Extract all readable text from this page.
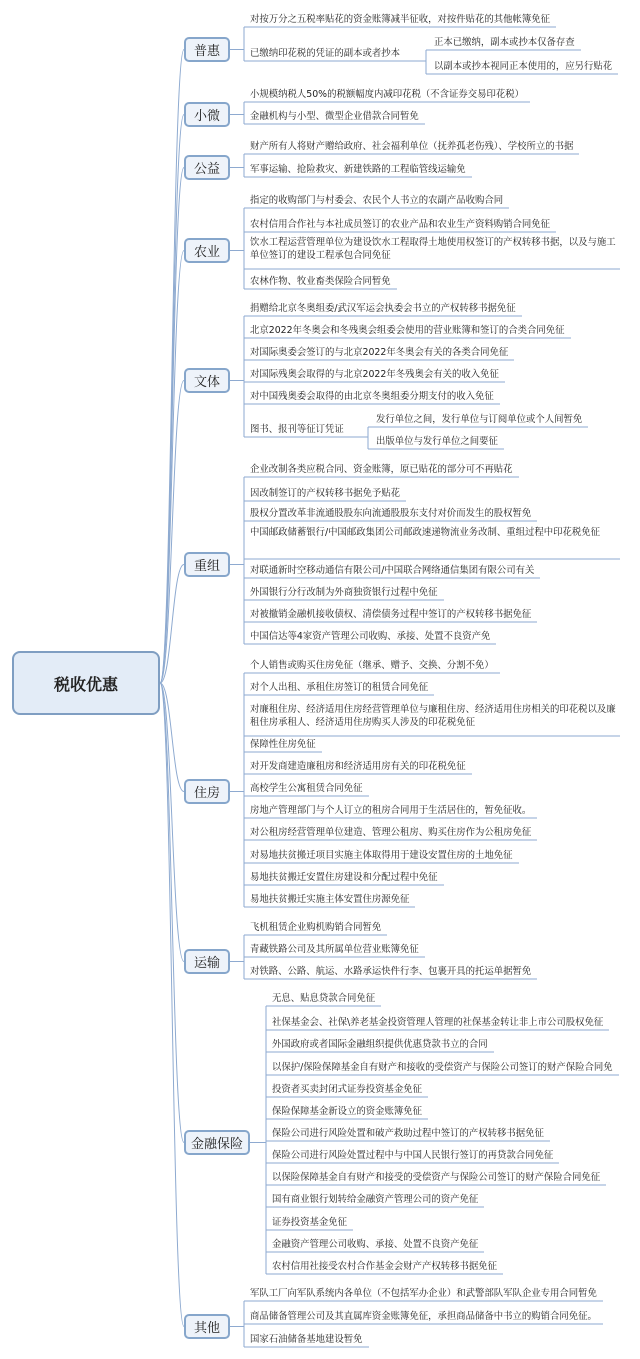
税收优惠
普惠
对按万分之五税率贴花的资金账簿减半征收，对按件贴花的其他帐簿免征
已缴纳印花税的凭证的副本或者抄本
正本已缴纳，副本或抄本仅备存查
以副本或抄本视同正本使用的，应另行贴花
小微
小规模纳税人50%的税额幅度内减印花税（不含证券交易印花税）
金融机构与小型、微型企业借款合同暂免
公益
财产所有人将财产赠给政府、社会福利单位（抚养孤老伤残）、学校所立的书据
军事运输、抢险救灾、新建铁路的工程临管线运输免
农业
指定的收购部门与村委会、农民个人书立的农副产品收购合同
农村信用合作社与本社成员签订的农业产品和农业生产资料购销合同免征
饮水工程运营管理单位为建设饮水工程取得土地使用权签订的产权转移书据，以及与施工单位签订的建设工程承包合同免征
农林作物、牧业畜类保险合同暂免
文体
捐赠给北京冬奥组委/武汉军运会执委会书立的产权转移书据免征
北京2022年冬奥会和冬残奥会组委会使用的营业账簿和签订的合类合同免征
对国际奥委会签订的与北京2022年冬奥会有关的各类合同免征
对国际残奥会取得的与北京2022年冬残奥会有关的收入免征
对中国残奥委会取得的由北京冬奥组委分期支付的收入免征
图书、报刊等征订凭证
发行单位之间，发行单位与订阅单位或个人间暂免
出版单位与发行单位之间要征
重组
企业改制各类应税合同、资金账簿，原已贴花的部分可不再贴花
因改制签订的产权转移书据免予贴花
股权分置改革非流通股股东向流通股股东支付对价而发生的股权暂免
中国邮政储蓄银行/中国邮政集团公司邮政速递物流业务改制、重组过程中印花税免征
对联通新时空移动通信有限公司/中国联合网络通信集团有限公司有关
外国银行分行改制为外商独资银行过程中免征
对被撤销金融机接收债权、清偿债务过程中签订的产权转移书据免征
中国信达等4家资产管理公司收购、承接、处置不良资产免
住房
个人销售或购买住房免征（继承、赠予、交换、分割不免）
对个人出租、承租住房签订的租赁合同免征
对廉租住房、经济适用住房经营管理单位与廉租住房、经济适用住房相关的印花税以及廉租住房承租人、经济适用住房购买人涉及的印花税免征
保障性住房免征
对开发商建造廉租房和经济适用房有关的印花税免征
高校学生公寓租赁合同免征
房地产管理部门与个人订立的租房合同用于生活居住的，暂免征收。
对公租房经营管理单位建造、管理公租房、购买住房作为公租房免征
对易地扶贫搬迁项目实施主体取得用于建设安置住房的土地免征
易地扶贫搬迁安置住房建设和分配过程中免征
易地扶贫搬迁实施主体安置住房源免征
运输
飞机租赁企业购机购销合同暂免
青藏铁路公司及其所属单位营业账簿免征
对铁路、公路、航运、水路承运快件行李、包裹开具的托运单据暂免
金融保险
无息、贴息贷款合同免征
社保基金会、社保\养老基金投资管理人管理的社保基金转让非上市公司股权免征
外国政府或者国际金融组织提供优惠贷款书立的合同
以保护/保险保障基金自有财产和接收的受偿资产与保险公司签订的财产保险合同免
投资者买卖封闭式证券投资基金免征
保险保障基金新设立的资金账簿免征
保险公司进行风险处置和破产救助过程中签订的产权转移书据免征
保险公司进行风险处置过程中与中国人民银行签订的再贷款合同免征
以保险保障基金自有财产和接受的受偿资产与保险公司签订的财产保险合同免征
国有商业银行划转给金融资产管理公司的资产免征
证券投资基金免征
金融资产管理公司收购、承接、处置不良资产免征
农村信用社接受农村合作基金会财产产权转移书据免征
其他
军队工厂向军队系统内各单位（不包括军办企业）和武警部队军队企业专用合同暂免
商品储备管理公司及其直属库资金账簿免征，承担商品储备中书立的购销合同免征。
国家石油储备基地建设暂免
